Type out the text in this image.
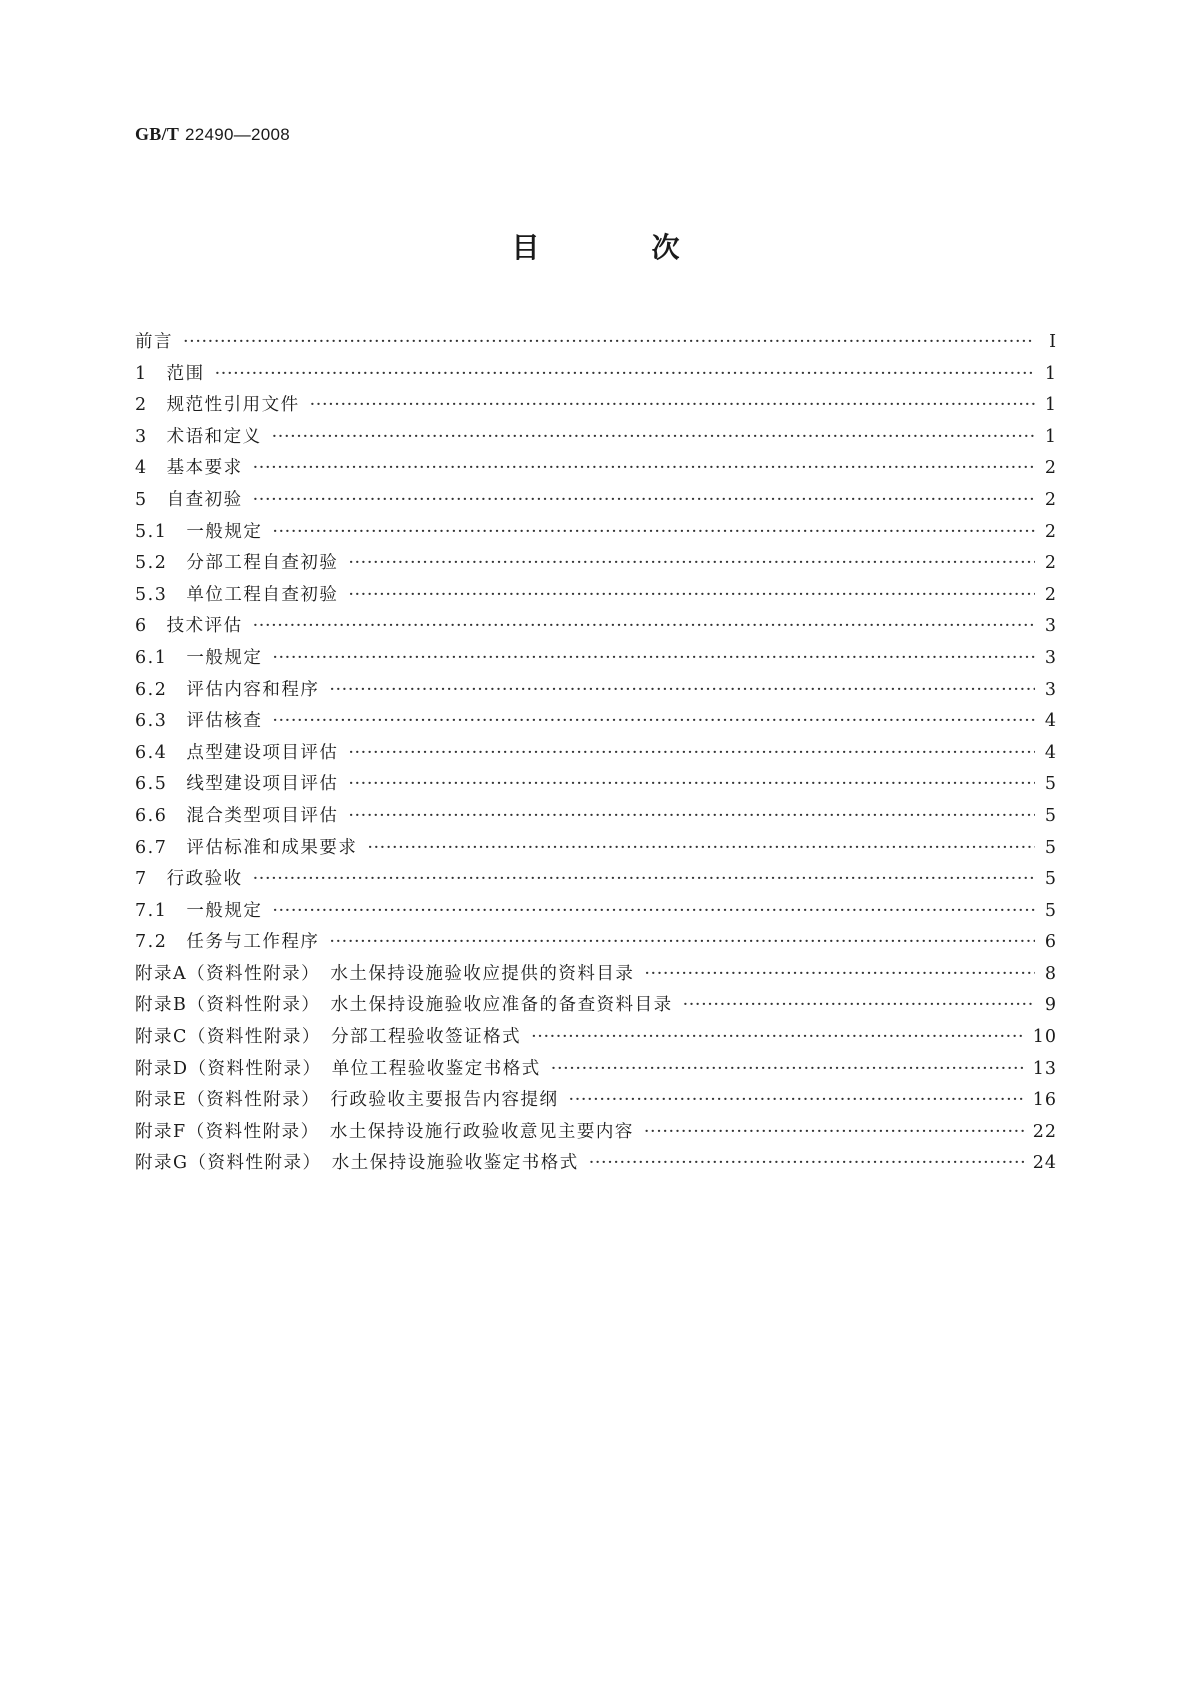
GB/T 22490—2008
目　次
前言 ·····	Ⅰ
1　范围 ·····	1
2　规范性引用文件 ·····	1
3　术语和定义 ·····	1
4　基本要求 ·····	2
5　自查初验 ·····	2
5.1　一般规定 ·····	2
5.2　分部工程自查初验 ·····	2
5.3　单位工程自查初验 ·····	2
6　技术评估 ·····	3
6.1　一般规定 ·····	3
6.2　评估内容和程序 ·····	3
6.3　评估核查 ·····	4
6.4　点型建设项目评估 ·····	4
6.5　线型建设项目评估 ·····	5
6.6　混合类型项目评估 ·····	5
6.7　评估标准和成果要求 ·····	5
7　行政验收 ·····	5
7.1　一般规定 ·····	5
7.2　任务与工作程序 ·····	6
附录A（资料性附录）　水土保持设施验收应提供的资料目录 ·····	8
附录B（资料性附录）　水土保持设施验收应准备的备查资料目录 ·····	9
附录C（资料性附录）　分部工程验收签证格式 ·····	10
附录D（资料性附录）　单位工程验收鉴定书格式 ·····	13
附录E（资料性附录）　行政验收主要报告内容提纲 ·····	16
附录F（资料性附录）　水土保持设施行政验收意见主要内容 ·····	22
附录G（资料性附录）　水土保持设施验收鉴定书格式 ·····	24
